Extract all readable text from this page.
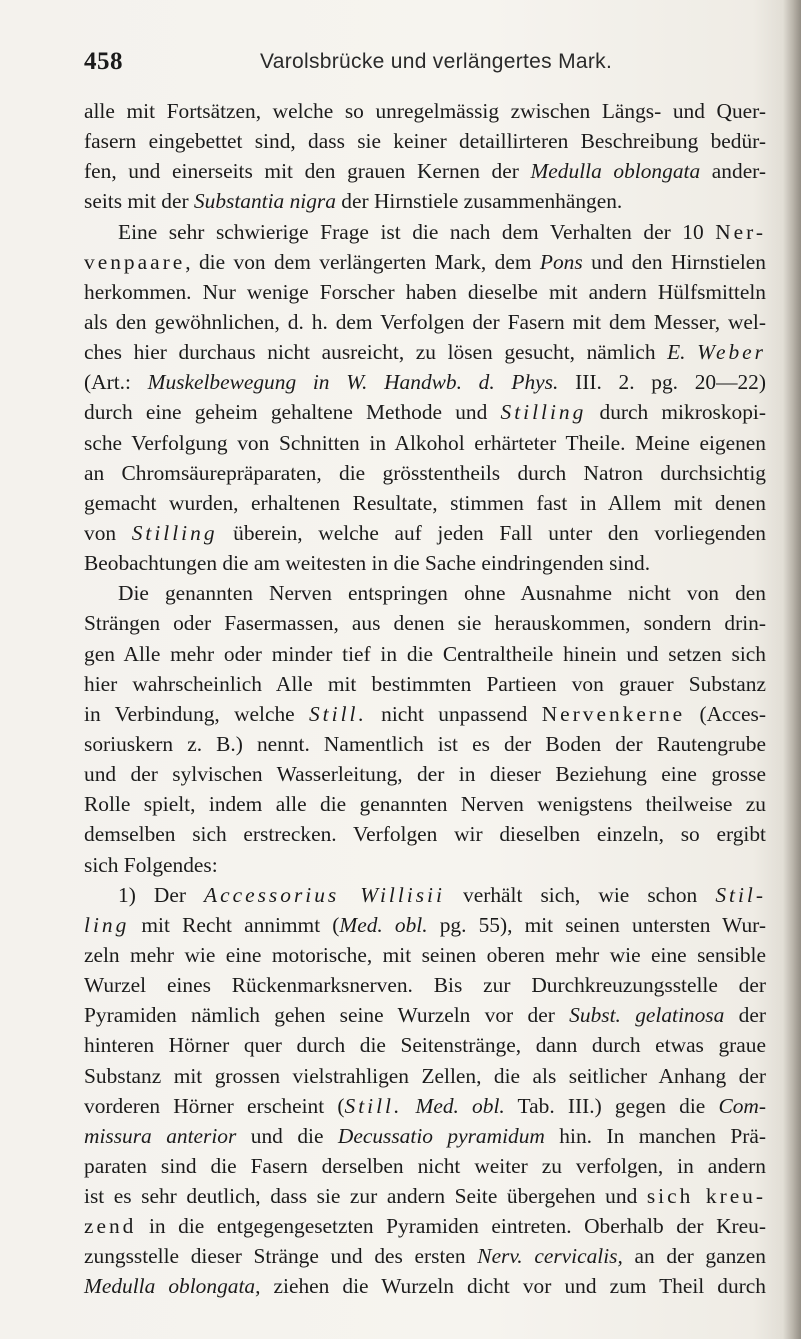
458	Varolsbrücke und verlängertes Mark.
alle mit Fortsätzen, welche so unregelmässig zwischen Längs- und Quer-
fasern eingebettet sind, dass sie keiner detaillirteren Beschreibung bedür-
fen, und einerseits mit den grauen Kernen der Medulla oblongata ander-
seits mit der Substantia nigra der Hirnstiele zusammenhängen.
Eine sehr schwierige Frage ist die nach dem Verhalten der 10 Ner-
venpaare, die von dem verlängerten Mark, dem Pons und den Hirnstielen
herkommen. Nur wenige Forscher haben dieselbe mit andern Hülfsmitteln
als den gewöhnlichen, d. h. dem Verfolgen der Fasern mit dem Messer, wel-
ches hier durchaus nicht ausreicht, zu lösen gesucht, nämlich E. Weber
(Art.: Muskelbewegung in W. Handwb. d. Phys. III. 2. pg. 20—22)
durch eine geheim gehaltene Methode und Stilling durch mikroskopi-
sche Verfolgung von Schnitten in Alkohol erhärteter Theile. Meine eigenen
an Chromsäurepräparaten, die grösstentheils durch Natron durchsichtig
gemacht wurden, erhaltenen Resultate, stimmen fast in Allem mit denen
von Stilling überein, welche auf jeden Fall unter den vorliegenden
Beobachtungen die am weitesten in die Sache eindringenden sind.
Die genannten Nerven entspringen ohne Ausnahme nicht von den
Strängen oder Fasermassen, aus denen sie herauskommen, sondern drin-
gen Alle mehr oder minder tief in die Centraltheile hinein und setzen sich
hier wahrscheinlich Alle mit bestimmten Partieen von grauer Substanz
in Verbindung, welche Still. nicht unpassend Nervenkerne (Acces-
soriuskern z. B.) nennt. Namentlich ist es der Boden der Rautengrube
und der sylvischen Wasserleitung, der in dieser Beziehung eine grosse
Rolle spielt, indem alle die genannten Nerven wenigstens theilweise zu
demselben sich erstrecken. Verfolgen wir dieselben einzeln, so ergibt
sich Folgendes:
1) Der Accessorius Willisii verhält sich, wie schon Stil-
ling mit Recht annimmt (Med. obl. pg. 55), mit seinen untersten Wur-
zeln mehr wie eine motorische, mit seinen oberen mehr wie eine sensible
Wurzel eines Rückenmarksnerven. Bis zur Durchkreuzungsstelle der
Pyramiden nämlich gehen seine Wurzeln vor der Subst. gelatinosa der
hinteren Hörner quer durch die Seitenstränge, dann durch etwas graue
Substanz mit grossen vielstrahligen Zellen, die als seitlicher Anhang der
vorderen Hörner erscheint (Still. Med. obl. Tab. III.) gegen die Com-
missura anterior und die Decussatio pyramidum hin. In manchen Prä-
paraten sind die Fasern derselben nicht weiter zu verfolgen, in andern
ist es sehr deutlich, dass sie zur andern Seite übergehen und sich kreu-
zend in die entgegengesetzten Pyramiden eintreten. Oberhalb der Kreu-
zungsstelle dieser Stränge und des ersten Nerv. cervicalis, an der ganzen
Medulla oblongata, ziehen die Wurzeln dicht vor und zum Theil durch
